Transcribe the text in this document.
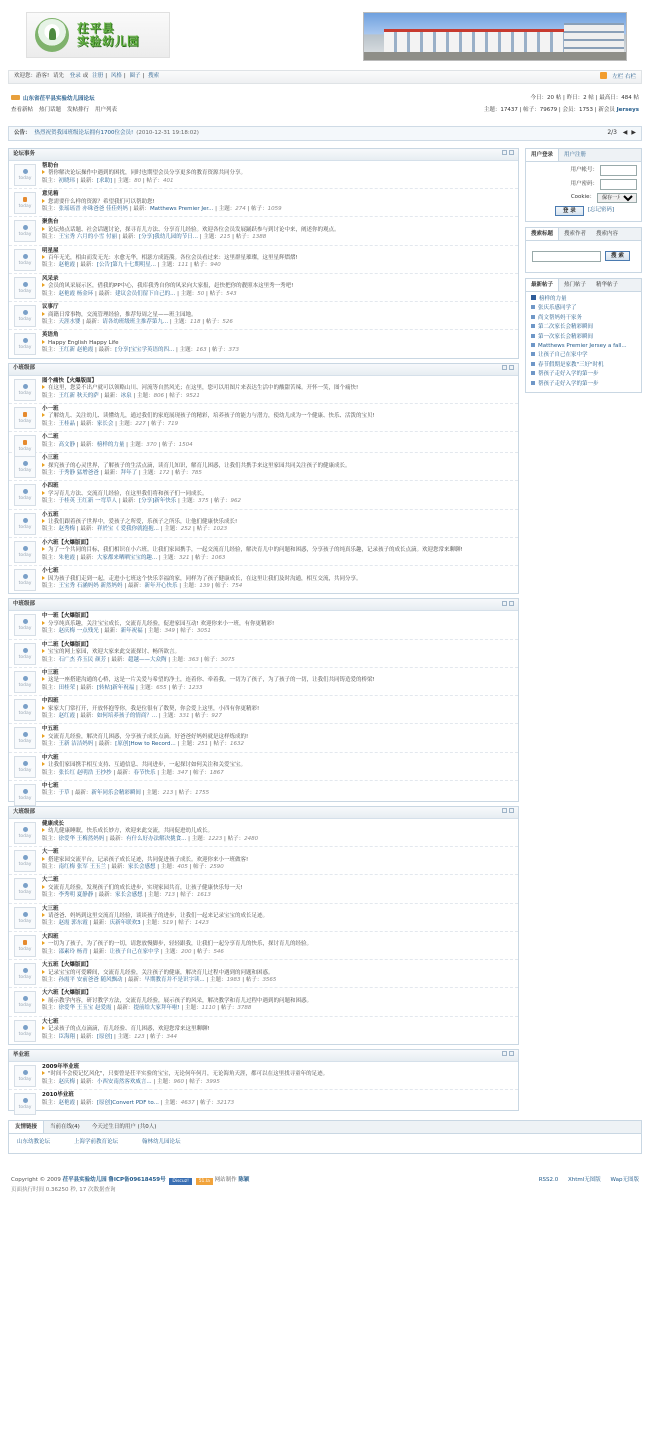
茌平县
实验幼儿园
欢迎您：游客! 请先 登录 或 注册 | 风格 | 圈子 | 搜索	左栏 右栏
山东省茌平县实验幼儿园论坛	今日：20 帖 | 昨日：2 帖 | 最高日：484 帖
查看新帖 热门话题 发帖排行 用户列表	主题：17437 | 帖子：79679 | 会员：1753 | 新会员 Jerseys
公告： 热烈祝贺我园班级论坛拥有1700位会员! (2010-12-31 19:18:02)	2/3 ◀ ▶
论坛事务
today
帮助台
帮你解决论坛操作中遇到的困扰，同时也期望会员分享更多的教育资源共同分享。
版主：初晓玮 | 最新：[求助] | 主题：80 | 帖子：401
today
意见箱
您需要什么样的资源？希望我们可以帮助您!
版主：张瑶瑶晋 亦珠爸爸 佳佳妈妈 | 最新：Matthews Premier Jer... | 主题：274 | 帖子：1059
today
聚焦台
论坛热点话题、社会话题讨论，探寻育儿方法、分享育儿经验。欢迎各位会员发展踊跃参与到讨论中来，阐述你的观点。
版主：王宝秀 六月的小雪 付丽 | 最新：[分享]我幼儿园的节日... | 主题：215 | 帖子：1388
today
明星屋
百年无光，相由而发无光：水愈无华，相瑟方成涟漪。各位会员看过来：这里群星璀璨，这里星辉熠熠!
版主：赵艳霞 | 最新：[公告]第九十七期明星... | 主题：111 | 帖子：940
today
风采录
会员的风采展示区，借我的PP中心，我库我秀自你的风采向大家报，赶快把你的靓照本这里秀一秀吧!
版主：赵艳霞 杨金环 | 最新：建议会员们留下自己的... | 主题：50 | 帖子：543
today
议事厅
商籍日常事物，交流管理经验，推荐每周之星——班主园地。
版主：天涯水婴 | 最新：请各幼班级班主推荐第九... | 主题：118 | 帖子：526
today
英语角
Happy English Happy Life
版主：王红新 赵艳霞 | 最新：[分享]宝宝学英语的四... | 主题：163 | 帖子：373
小班级部
today
图个痛快【火爆版面】
在这里，您妥不出户就可以领略山川、河流等自然风光；在这里，您可以用图片来表达生活中的酸甜苦辣。开怀一笑，图个痛快!
版主：王红新 秋天的萨 | 最新：冰泉 | 主题：806 | 帖子：9521
today
小一班
了解幼儿、关注幼儿、读懂幼儿，通过我们的家庭展现孩子的精彩，培养孩子的能力与潜力，使幼儿成为一个健康、快乐、活泼的宝贝!
版主：王桂晶 | 最新：家长会 | 主题：227 | 帖子：719
today
小二班
版主：高文静 | 最新：榜样的力量 | 主题：370 | 帖子：1504
today
小三班
探究孩子的心灵世界，了解孩子的生活点滴，读育儿知识，解育儿困惑，让我们共携手来这里家园共同关注孩子的健康成长。
版主：于秀静 猛增爸爸 | 最新：拜年了 | 主题：172 | 帖子：785
today
小四班
学习育儿方法、交流育儿经验，在这里我们将和孩子们一同成长。
版主：于桂英 王红新 一弯草人 | 最新：[分享]新年快乐 | 主题：375 | 帖子：962
today
小五班
让我们跟着孩子世界中，爱孩子之所爱，乐孩子之所乐，让他们健康快乐成长!
版主：赵秀梅 | 最新：祥於宝《 爱我你就抱抱... | 主题：252 | 帖子：1023
today
小六班【火爆版面】
为了一个共同的目标，我们相识在小六班。让我们家园携手，一起交流育儿经验，解决育儿中的问题和困惑，分享孩子的纯真乐趣，记录孩子的成长点滴。欢迎您常来聊聊!
版主：朱艳霞 | 最新：大家都来晒晒宝宝的趣... | 主题：321 | 帖子：1063
today
小七班
因为孩子我们走到一起，走进小七班这个快乐幸福的家，同样为了孩子健康成长，在这里让我们及时沟通，相互交流，共同分享。
版主：王宝秀 石涵妈妈 新然妈妈 | 最新：新年开心快乐 | 主题：139 | 帖子：754
中班级部
today
中一班【火爆版面】
分享纯真乐趣，关注宝宝成长，交流育儿经验，促进家园互动! 欢迎你来小一班，有你更精彩!
版主：赵庆梅 一点残光 | 最新：新年祝福 | 主题：349 | 帖子：3051
today
中二班【火爆版面】
宝宝的网上家园，欢迎大家来此交流探讨、畅所欲言。
版主：石广杰 乔玉民 颜芳 | 最新：超越——大众陶 | 主题：363 | 帖子：3075
today
中三班
这是一座搭建沟通的心桥，这是一片关爱与希望的净土，连着你、牵着我。一切为了孩子，为了孩子的一切，让我们共同铸造爱的桥梁!
版主：田桂荣 | 最新：[转帖]新年祝福 | 主题：655 | 帖子：1233
today
中四班
家家大门常打开，开放怀抱等你，我是位很有了数契，你会爱上这里，小四有你更精彩!
版主：赵红霞 | 最新：如何培养孩子的情商？... | 主题：331 | 帖子：927
today
中五班
交流育儿经验，解决育儿困惑，分享孩子成长点滴。好爸爸好妈妈就是这样炼成的!
版主：王新 洁洁妈妈 | 最新：[原创]How to Record... | 主题：251 | 帖子：1632
today
中六班
让我们家园携手相互支持、互通信息、共同进步，一起探讨如何关注和关爱宝宝。
版主：张长红 赵明浩 王抄抄 | 最新：春节快乐 | 主题：347 | 帖子：1867
today
中七班
版主：于草 | 最新：新年同乐会精彩瞬间 | 主题：213 | 帖子：1755
大班级部
today
健康成长
幼儿健康睡眠，快乐成长妙方，欢迎来此交流，共同促进幼儿成长。
版主：徐爱华 王梅然妈妈 | 最新：有什么好办法解决挑食... | 主题：1223 | 帖子：2480
today
大一班
搭建家园交流平台，记录孩子成长足迹，共同促进孩子成长。欢迎你来小一班做客!
版主：南红梅 张军 王玉兰 | 最新：家长会感想 | 主题：405 | 帖子：2590
today
大二班
交流育儿经验，发现孩子们的成长进步，实现家园共育，让孩子健康快乐每一天!
版主：李秀明 夏静静 | 最新：家长会感想 | 主题：713 | 帖子：1613
today
大三班
请爸爸、妈妈到这里交流育儿经验，谈谈孩子的进步，让我们一起来记录宝宝的成长足迹。
版主：赵霞 郭东霞 | 最新：庆新年联欢3 | 主题：519 | 帖子：1423
today
大四班
一切为了孩子，为了孩子的一切，请您放慢脚步，轻轻跟我，让我们一起分享育儿的快乐，探讨育儿的经验。
版主：邵素玲 杨青 | 最新：让孩子自己在家中学 | 主题：200 | 帖子：546
today
大五班【火爆版面】
记录宝宝的可爱瞬间，交流育儿经验，关注孩子的健康，解决育儿过程中遇到的问题和困惑。
版主：孙霞平 安前爸爸 随风飘动 | 最新：早期教育并不是识字读... | 主题：1983 | 帖子：3565
today
大六班【火爆版面】
展示教学内容，研讨教学方法，交流育儿经验，展示孩子的风采，解决教学和育儿过程中遇到的问题和困惑。
版主：徐爱华 王玉宝 赵爱霞 | 最新：提前给大家拜年啦! | 主题：1110 | 帖子：3788
today
大七班
记录孩子的点点滴滴，育儿经验、育儿困惑，欢迎您常来这里聊聊!
版主：臣海翔 | 最新：[原创] | 主题：123 | 帖子：344
毕业班
today
2009年毕业班
"时间不会使记忆风化"，只要曾是茌平实验的宝宝，无论何年何月，无论海角天涯，都可以在这里找寻童年的足迹。
版主：赵庆梅 | 最新：小西安南然客欢威言... | 主题：960 | 帖子：3995
today
2010毕业班
版主：赵艳霞 | 最新：[原创]Convert PDF to... | 主题：4637 | 帖子：32173
用户登录	用户注册
用户帐号：
用户密码：
Cookie：
保存一月
登 录	[忘记密码]
搜索标题	搜索作者	搜索内容
搜 索
最新帖子	热门帖子	精华帖子
榜样的力量
张庆乐感同学了
尚文帮妈妈干家务
第二次家长会精彩瞬间
第一次家长会精彩瞬间
Matthews Premier Jersey a fall...
让孩子自己在家中学
春节假期是家教"三好"时机
帮孩子走好入学的第一步
帮孩子走好入学的第一步
友情链接	当前在线(4)	今天过生日的用户 (共0人)
山东幼教论坛	上海学前教育论坛	翰林幼儿园论坛
Copyright © 2009 茌平县实验幼儿园 鲁ICP备09618459号 Discuz! 51.la 网站制作 陈颖	RSS2.0 Xhtml无图版 Wap无图版
页面执行时间 0.36250 秒, 17 次数据查询
